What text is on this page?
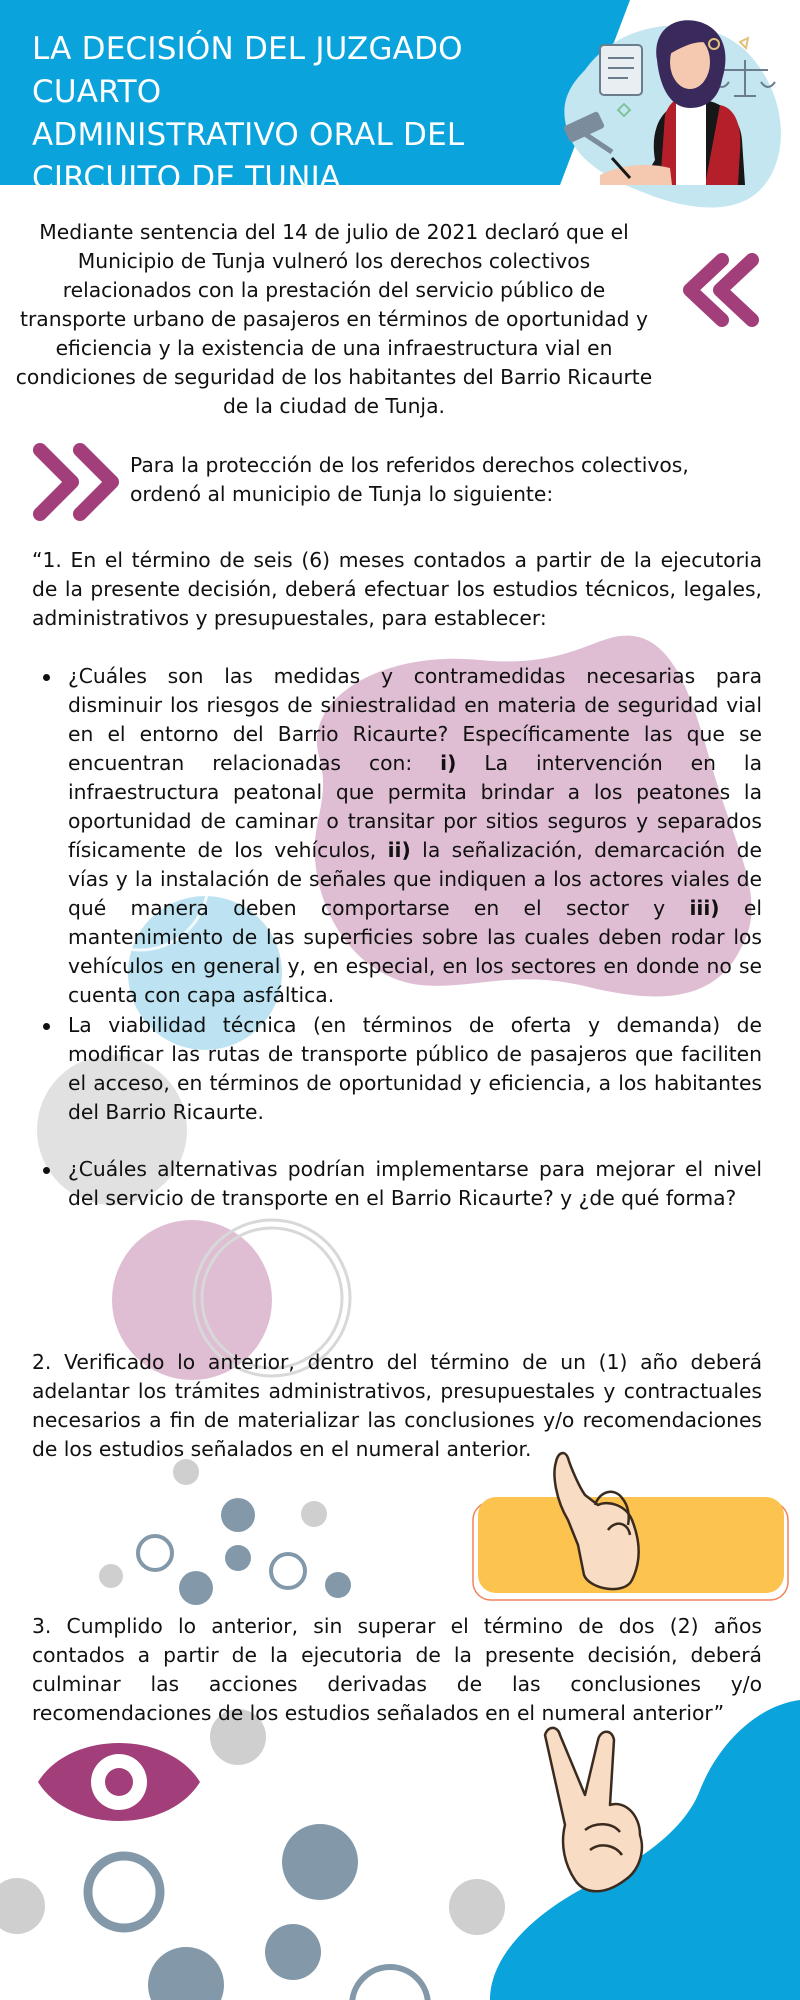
LA DECISIÓN DEL JUZGADO CUARTO
ADMINISTRATIVO ORAL DEL
CIRCUITO DE TUNJA

Mediante sentencia del 14 de julio de 2021 declaró que el Municipio de Tunja vulneró los derechos colectivos relacionados con la prestación del servicio público de transporte urbano de pasajeros en términos de oportunidad y eficiencia y la existencia de una infraestructura vial en condiciones de seguridad de los habitantes del Barrio Ricaurte de la ciudad de Tunja.

Para la protección de los referidos derechos colectivos, ordenó al municipio de Tunja lo siguiente:

“1. En el término de seis (6) meses contados a partir de la ejecutoria de la presente decisión, deberá efectuar los estudios técnicos, legales, administrativos y presupuestales, para establecer:

¿Cuáles son las medidas y contramedidas necesarias para disminuir los riesgos de siniestralidad en materia de seguridad vial en el entorno del Barrio Ricaurte? Específicamente las que se encuentran relacionadas con: i) La intervención en la infraestructura peatonal que permita brindar a los peatones la oportunidad de caminar o transitar por sitios seguros y separados físicamente de los vehículos, ii) la señalización, demarcación de vías y la instalación de señales que indiquen a los actores viales de qué manera deben comportarse en el sector y iii) el mantenimiento de las superficies sobre las cuales deben rodar los vehículos en general y, en especial, en los sectores en donde no se cuenta con capa asfáltica.

La viabilidad técnica (en términos de oferta y demanda) de modificar las rutas de transporte público de pasajeros que faciliten el acceso, en términos de oportunidad y eficiencia, a los habitantes del Barrio Ricaurte.

¿Cuáles alternativas podrían implementarse para mejorar el nivel del servicio de transporte en el Barrio Ricaurte? y ¿de qué forma?

2. Verificado lo anterior, dentro del término de un (1) año deberá adelantar los trámites administrativos, presupuestales y contractuales necesarios a fin de materializar las conclusiones y/o recomendaciones de los estudios señalados en el numeral anterior.

3. Cumplido lo anterior, sin superar el término de dos (2) años contados a partir de la ejecutoria de la presente decisión, deberá culminar las acciones derivadas de las conclusiones y/o recomendaciones de los estudios señalados en el numeral anterior”
